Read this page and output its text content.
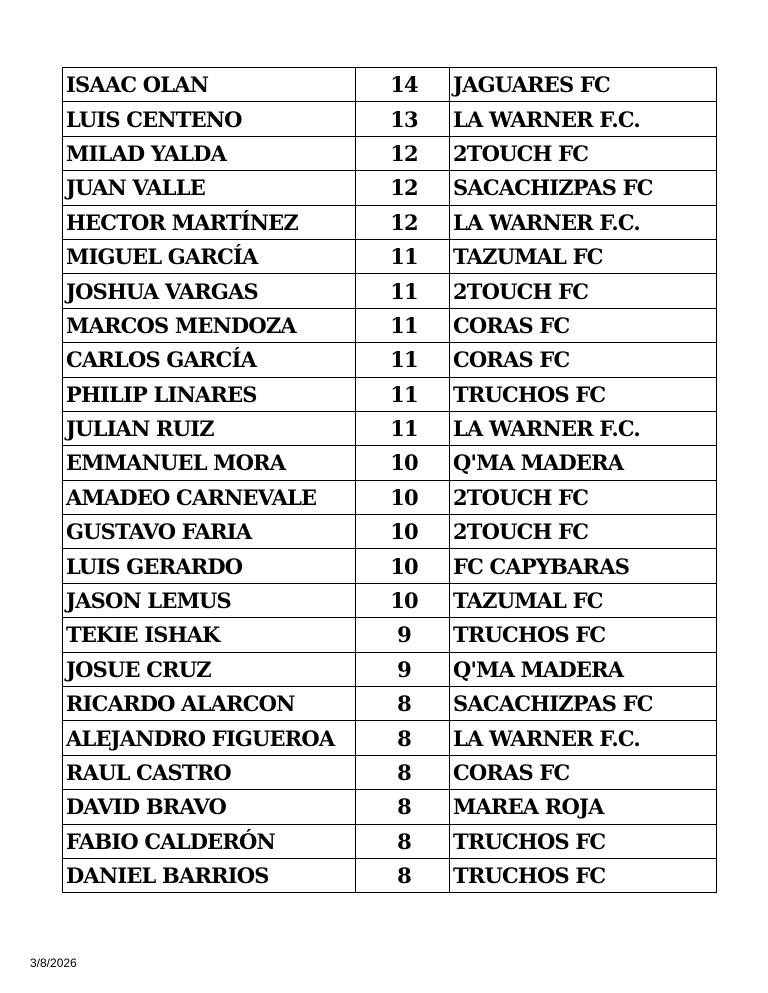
ISAAC OLAN	14	JAGUARES FC
LUIS CENTENO	13	LA WARNER F.C.
MILAD YALDA	12	2TOUCH FC
JUAN VALLE	12	SACACHIZPAS FC
HECTOR MARTÍNEZ	12	LA WARNER F.C.
MIGUEL GARCÍA	11	TAZUMAL FC
JOSHUA VARGAS	11	2TOUCH FC
MARCOS MENDOZA	11	CORAS FC
CARLOS GARCÍA	11	CORAS FC
PHILIP LINARES	11	TRUCHOS FC
JULIAN RUIZ	11	LA WARNER F.C.
EMMANUEL MORA	10	Q'MA MADERA
AMADEO CARNEVALE	10	2TOUCH FC
GUSTAVO FARIA	10	2TOUCH FC
LUIS GERARDO	10	FC CAPYBARAS
JASON LEMUS	10	TAZUMAL FC
TEKIE ISHAK	9	TRUCHOS FC
JOSUE CRUZ	9	Q'MA MADERA
RICARDO ALARCON	8	SACACHIZPAS FC
ALEJANDRO FIGUEROA	8	LA WARNER F.C.
RAUL CASTRO	8	CORAS FC
DAVID BRAVO	8	MAREA ROJA
FABIO CALDERÓN	8	TRUCHOS FC
DANIEL BARRIOS	8	TRUCHOS FC
3/8/2026
